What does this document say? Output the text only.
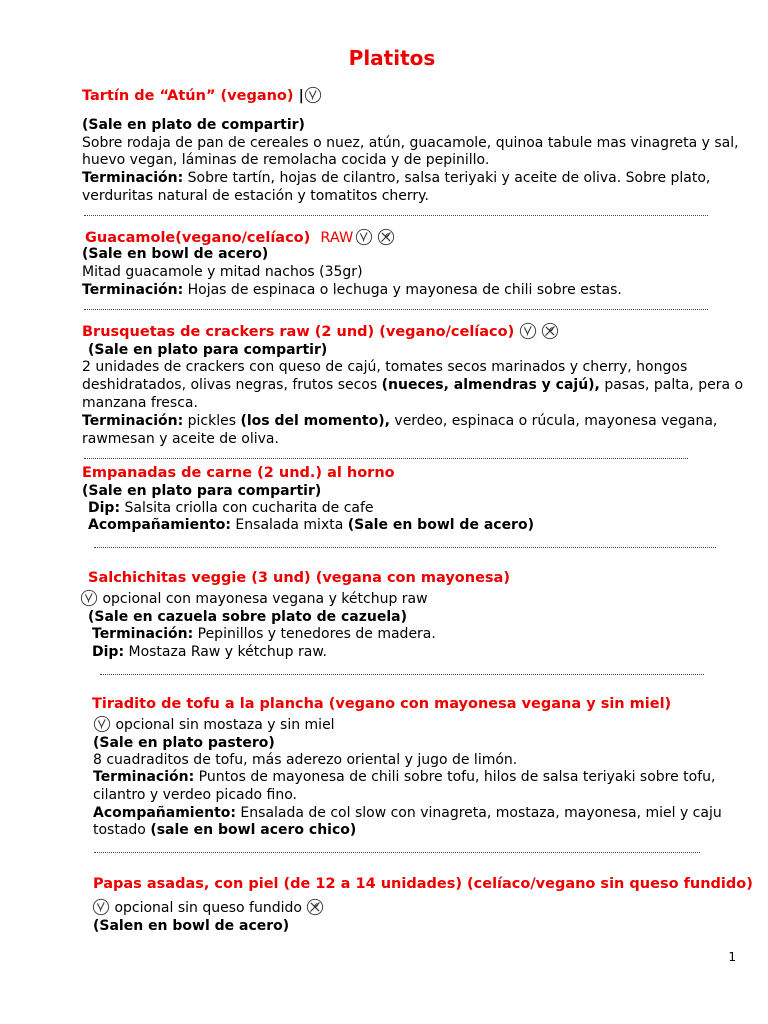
Platitos
Tartín de “Atún” (vegano) |
(Sale en plato de compartir)
Sobre rodaja de pan de cereales o nuez, atún, guacamole, quinoa tabule mas vinagreta y sal,
huevo vegan, láminas de remolacha cocida y de pepinillo.
Terminación: Sobre tartín, hojas de cilantro, salsa teriyaki y aceite de oliva. Sobre plato,
verduritas natural de estación y tomatitos cherry.
Guacamole(vegano/celíaco) RAW
(Sale en bowl de acero)
Mitad guacamole y mitad nachos (35gr)
Terminación: Hojas de espinaca o lechuga y mayonesa de chili sobre estas.
Brusquetas de crackers raw (2 und) (vegano/celíaco)
(Sale en plato para compartir)
2 unidades de crackers con queso de cajú, tomates secos marinados y cherry, hongos
deshidratados, olivas negras, frutos secos (nueces, almendras y cajú), pasas, palta, pera o
manzana fresca.
Terminación: pickles (los del momento), verdeo, espinaca o rúcula, mayonesa vegana,
rawmesan y aceite de oliva.
Empanadas de carne (2 und.) al horno
(Sale en plato para compartir)
Dip: Salsita criolla con cucharita de cafe
Acompañamiento: Ensalada mixta (Sale en bowl de acero)
Salchichitas veggie (3 und) (vegana con mayonesa)
opcional con mayonesa vegana y kétchup raw
(Sale en cazuela sobre plato de cazuela)
Terminación: Pepinillos y tenedores de madera.
Dip: Mostaza Raw y kétchup raw.
Tiradito de tofu a la plancha (vegano con mayonesa vegana y sin miel)
opcional sin mostaza y sin miel
(Sale en plato pastero)
8 cuadraditos de tofu, más aderezo oriental y jugo de limón.
Terminación: Puntos de mayonesa de chili sobre tofu, hilos de salsa teriyaki sobre tofu,
cilantro y verdeo picado fino.
Acompañamiento: Ensalada de col slow con vinagreta, mostaza, mayonesa, miel y caju
tostado (sale en bowl acero chico)
Papas asadas, con piel (de 12 a 14 unidades) (celíaco/vegano sin queso fundido)
opcional sin queso fundido
(Salen en bowl de acero)
1
